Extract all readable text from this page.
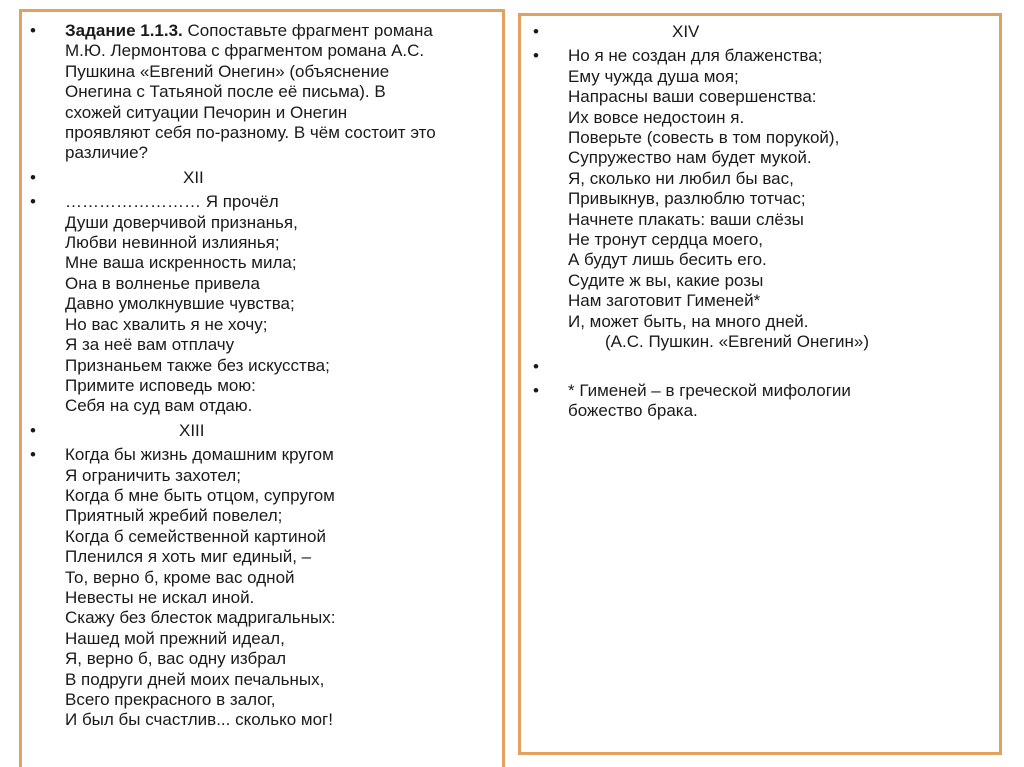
• Задание 1.1.3. Сопоставьте фрагмент романа
М.Ю. Лермонтова с фрагментом романа А.С.
Пушкина «Евгений Онегин» (объяснение
Онегина с Татьяной после её письма). В
схожей ситуации Печорин и Онегин
проявляют себя по-разному. В чём состоит это
различие?
•	XII
• …………………… Я прочёл
Души доверчивой признанья,
Любви невинной излиянья;
Мне ваша искренность мила;
Она в волненье привела
Давно умолкнувшие чувства;
Но вас хвалить я не хочу;
Я за неё вам отплачу
Признаньем также без искусства;
Примите исповедь мою:
Себя на суд вам отдаю.
•	XIII
• Когда бы жизнь домашним кругом
Я ограничить захотел;
Когда б мне быть отцом, супругом
Приятный жребий повелел;
Когда б семейственной картиной
Пленился я хоть миг единый, –
То, верно б, кроме вас одной
Невесты не искал иной.
Скажу без блесток мадригальных:
Нашед мой прежний идеал,
Я, верно б, вас одну избрал
В подруги дней моих печальных,
Всего прекрасного в залог,
И был бы счастлив... сколько мог!
•	XIV
• Но я не создан для блаженства;
Ему чужда душа моя;
Напрасны ваши совершенства:
Их вовсе недостоин я.
Поверьте (совесть в том порукой),
Супружество нам будет мукой.
Я, сколько ни любил бы вас,
Привыкнув, разлюблю тотчас;
Начнете плакать: ваши слёзы
Не тронут сердца моего,
А будут лишь бесить его.
Судите ж вы, какие розы
Нам заготовит Гименей*
И, может быть, на много дней.
(А.С. Пушкин. «Евгений Онегин»)
•

• * Гименей – в греческой мифологии
божество брака.
